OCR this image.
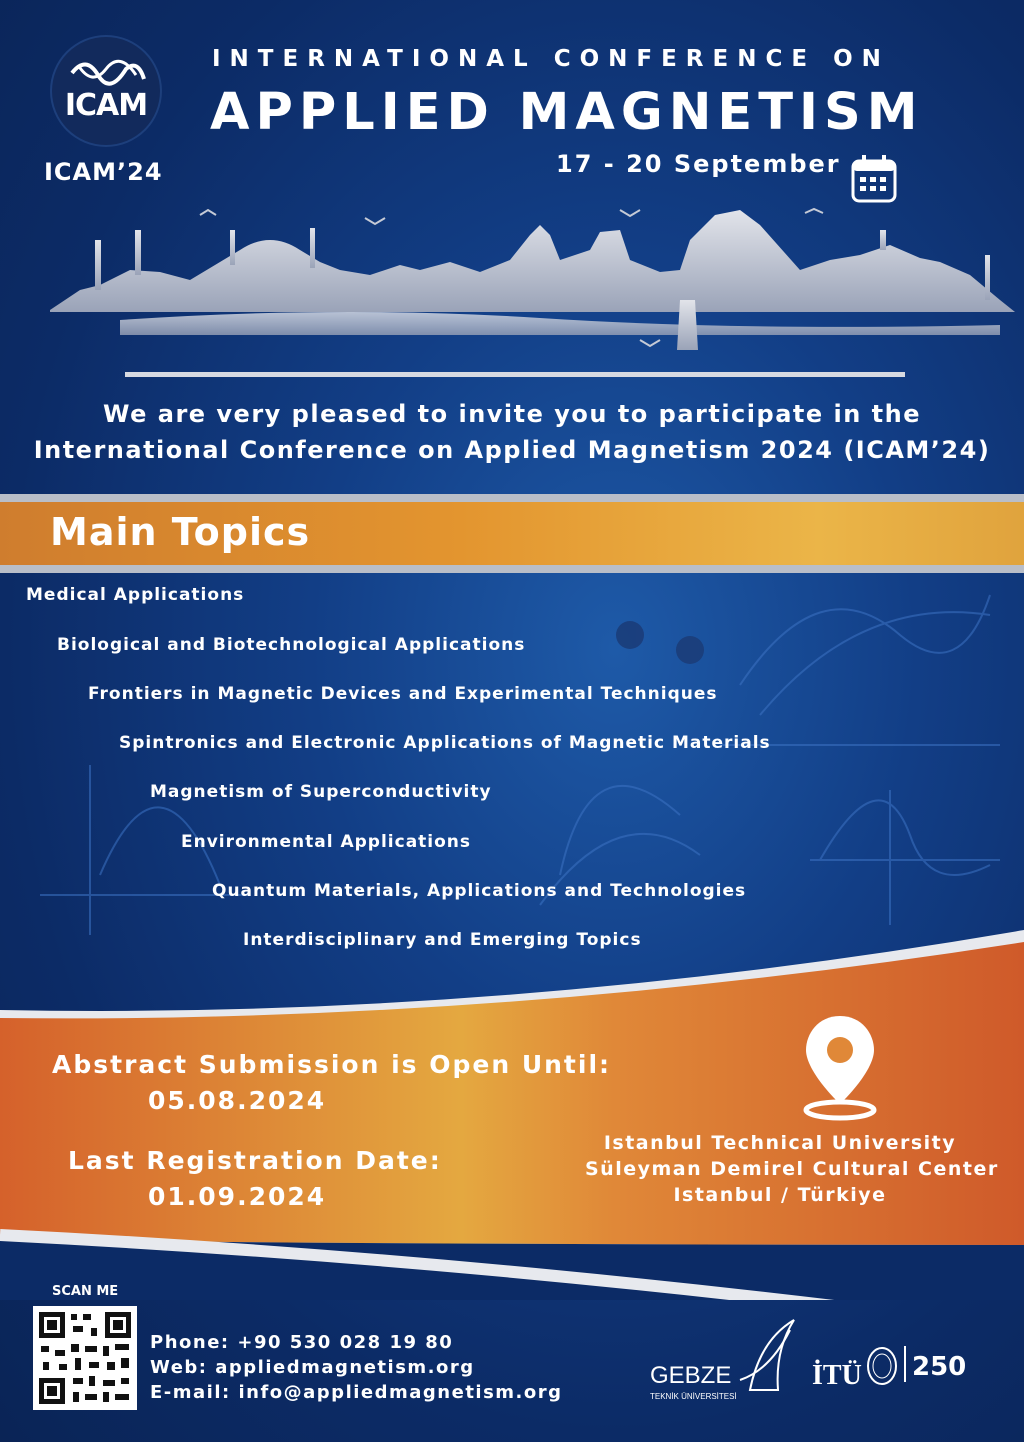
ICAM
ICAM’24
INTERNATIONAL CONFERENCE ON
APPLIED MAGNETISM
17 - 20 September
We are very pleased to invite you to participate in the
International Conference on Applied Magnetism 2024 (ICAM’24)
Main Topics
Medical Applications
Biological and Biotechnological Applications
Frontiers in Magnetic Devices and Experimental Techniques
Spintronics and Electronic Applications of Magnetic Materials
Magnetism of Superconductivity
Environmental Applications
Quantum Materials, Applications and Technologies
Interdisciplinary and Emerging Topics
Abstract Submission is Open Until:
05.08.2024
Last Registration Date:
01.09.2024
Istanbul Technical University
Süleyman Demirel Cultural Center
Istanbul / Türkiye
SCAN ME
Phone: +90 530 028 19 80
Web: appliedmagnetism.org
E-mail: info@appliedmagnetism.org
GEBZE
TEKNİK ÜNİVERSİTESİ
İTÜ 250
